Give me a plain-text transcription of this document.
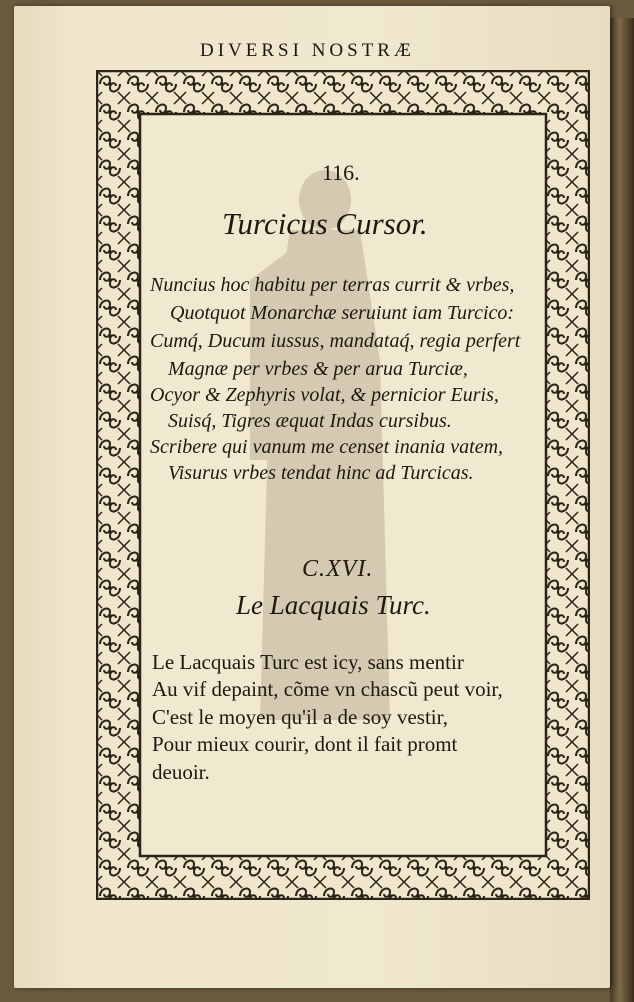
DIVERSI NOSTRÆ
116.
Turcicus Cursor.
Nuncius hoc habitu per terras currit & vrbes,
Quotquot Monarchæ seruiunt iam Turcico:
Cumq́, Ducum iussus, mandataq́, regia perfert
Magnæ per vrbes & per arua Turciæ,
Ocyor & Zephyris volat, & pernicior Euris,
Suisq́, Tigres æquat Indas cursibus.
Scribere qui vanum me censet inania vatem,
Visurus vrbes tendat hinc ad Turcicas.
C.XVI.
Le Lacquais Turc.
Le Lacquais Turc est icy, sans mentir
Au vif depaint, cõme vn chascũ peut voir,
C'est le moyen qu'il a de soy vestir,
Pour mieux courir, dont il fait promt
deuoir.
